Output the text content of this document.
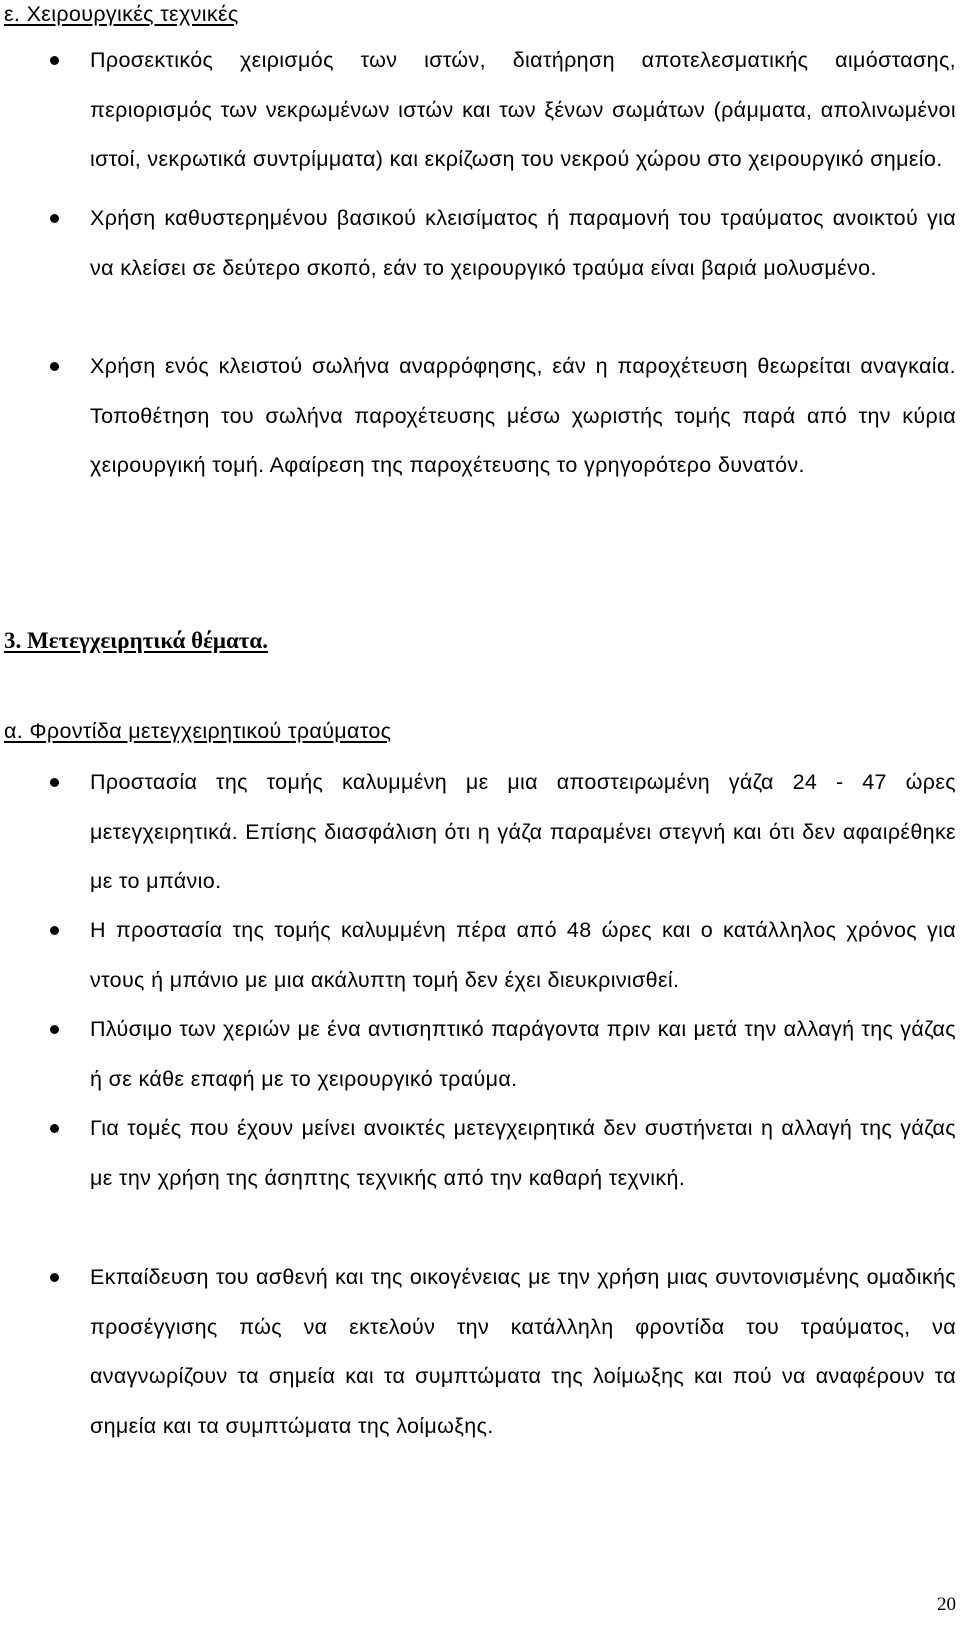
ε. Χειρουργικές τεχνικές
Προσεκτικός χειρισμός των ιστών, διατήρηση αποτελεσματικής αιμόστασης, περιορισμός των νεκρωμένων ιστών και των ξένων σωμάτων (ράμματα, απολινωμένοι ιστοί, νεκρωτικά συντρίμματα) και εκρίζωση του νεκρού χώρου στο χειρουργικό σημείο.
Χρήση καθυστερημένου βασικού κλεισίματος ή παραμονή του τραύματος ανοικτού για να κλείσει σε δεύτερο σκοπό, εάν το χειρουργικό τραύμα είναι βαριά μολυσμένο.
Χρήση ενός κλειστού σωλήνα αναρρόφησης, εάν η παροχέτευση θεωρείται αναγκαία. Τοποθέτηση του σωλήνα παροχέτευσης μέσω χωριστής τομής παρά από την κύρια χειρουργική τομή. Αφαίρεση της παροχέτευσης το γρηγορότερο δυνατόν.
3. Μετεγχειρητικά θέματα.
α. Φροντίδα μετεγχειρητικού τραύματος
Προστασία της τομής καλυμμένη με μια αποστειρωμένη γάζα 24 - 47 ώρες μετεγχειρητικά. Επίσης διασφάλιση ότι η γάζα παραμένει στεγνή και ότι δεν αφαιρέθηκε με το μπάνιο.
Η προστασία της τομής καλυμμένη πέρα από 48 ώρες και ο κατάλληλος χρόνος για ντους ή μπάνιο με μια ακάλυπτη τομή δεν έχει διευκρινισθεί.
Πλύσιμο των χεριών με ένα αντισηπτικό παράγοντα πριν και μετά την αλλαγή της γάζας ή σε κάθε επαφή με το χειρουργικό τραύμα.
Για τομές που έχουν μείνει ανοικτές μετεγχειρητικά δεν συστήνεται η αλλαγή της γάζας με την χρήση της άσηπτης τεχνικής από την καθαρή τεχνική.
Εκπαίδευση του ασθενή και της οικογένειας με την χρήση μιας συντονισμένης ομαδικής προσέγγισης πώς να εκτελούν την κατάλληλη φροντίδα του τραύματος, να αναγνωρίζουν τα σημεία και τα συμπτώματα της λοίμωξης και πού να αναφέρουν τα σημεία και τα συμπτώματα της λοίμωξης.
20
